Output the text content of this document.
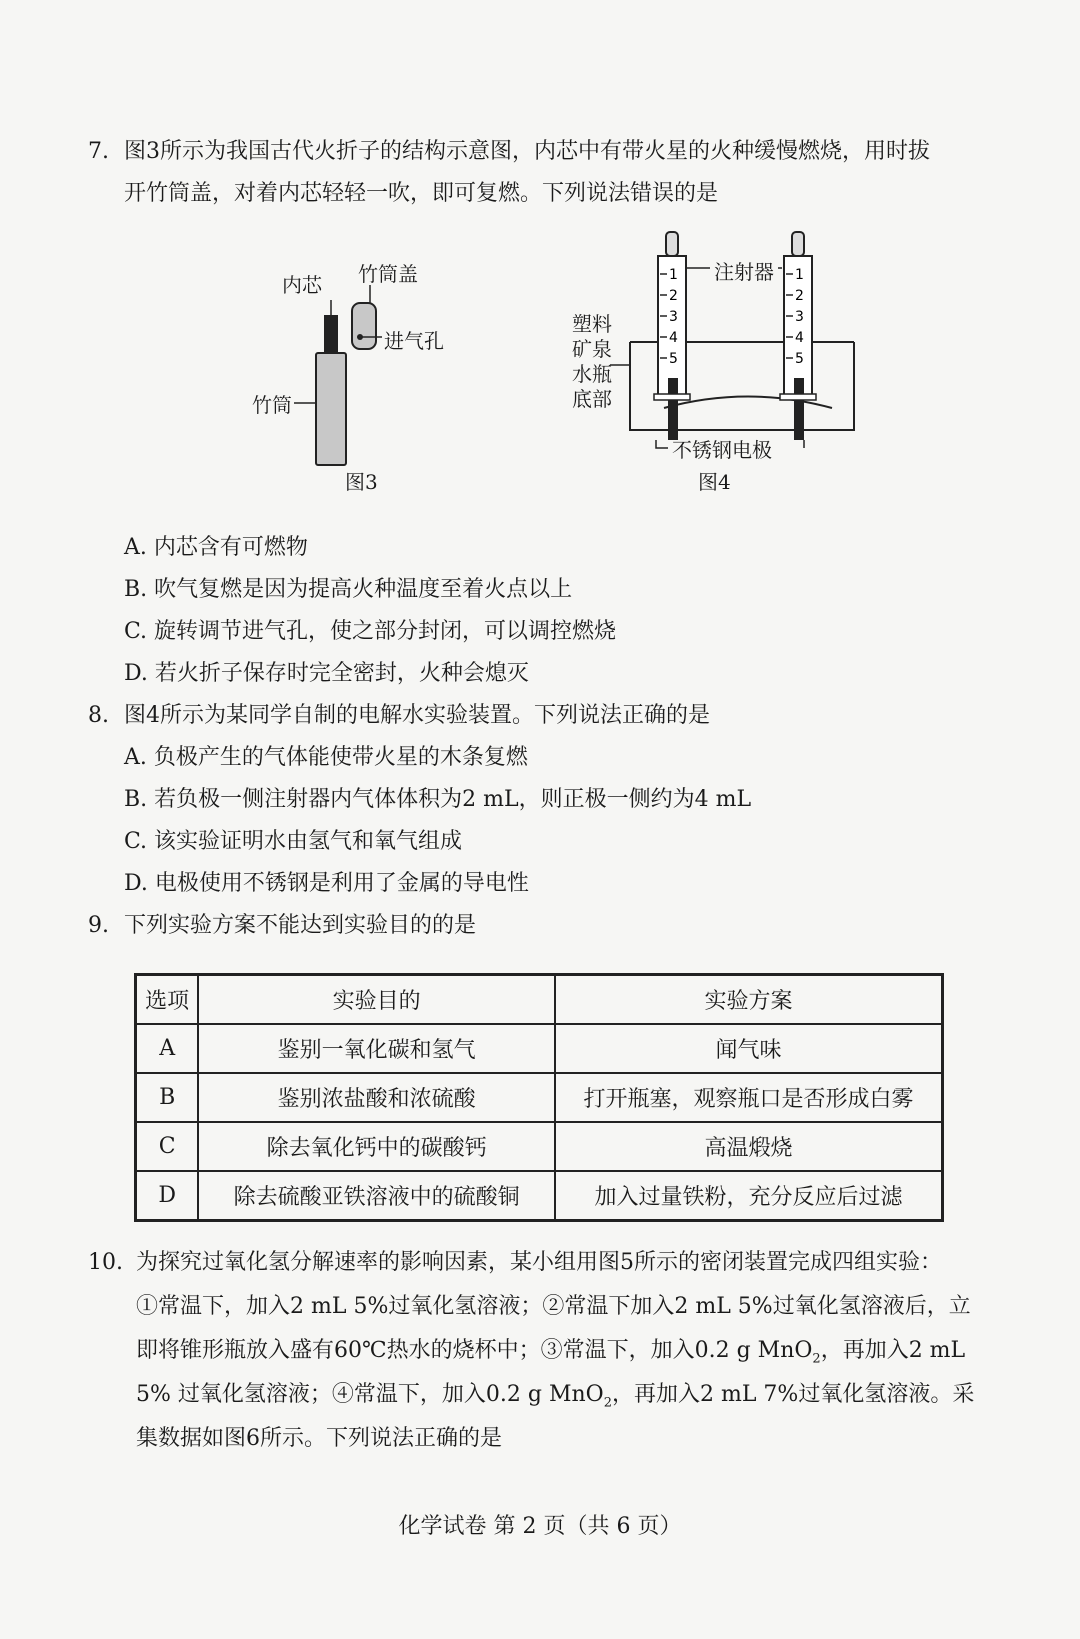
7. 图3所示为我国古代火折子的结构示意图，内芯中有带火星的火种缓慢燃烧，用时拔
开竹筒盖，对着内芯轻轻一吹，即可复燃。下列说法错误的是
内芯 竹筒盖
进气孔
竹筒
图3
1
2
3
4
5
1
2
3
4
5
注射器
塑料
矿泉
水瓶
底部
不锈钢电极
图4
A. 内芯含有可燃物
B. 吹气复燃是因为提高火种温度至着火点以上
C. 旋转调节进气孔，使之部分封闭，可以调控燃烧
D. 若火折子保存时完全密封，火种会熄灭
8. 图4所示为某同学自制的电解水实验装置。下列说法正确的是
A. 负极产生的气体能使带火星的木条复燃
B. 若负极一侧注射器内气体体积为2 mL，则正极一侧约为4 mL
C. 该实验证明水由氢气和氧气组成
D. 电极使用不锈钢是利用了金属的导电性
9. 下列实验方案不能达到实验目的的是
选项	实验目的	实验方案
A	鉴别一氧化碳和氢气	闻气味
B	鉴别浓盐酸和浓硫酸	打开瓶塞，观察瓶口是否形成白雾
C	除去氧化钙中的碳酸钙	高温煅烧
D	除去硫酸亚铁溶液中的硫酸铜	加入过量铁粉，充分反应后过滤
10. 为探究过氧化氢分解速率的影响因素，某小组用图5所示的密闭装置完成四组实验：
①常温下，加入2 mL 5%过氧化氢溶液；②常温下加入2 mL 5%过氧化氢溶液后，立
即将锥形瓶放入盛有60℃热水的烧杯中；③常温下，加入0.2 g MnO$_2$，再加入2 mL
5% 过氧化氢溶液；④常温下，加入0.2 g MnO$_2$，再加入2 mL 7%过氧化氢溶液。采
集数据如图6所示。下列说法正确的是
化学试卷 第 2 页（共 6 页）
